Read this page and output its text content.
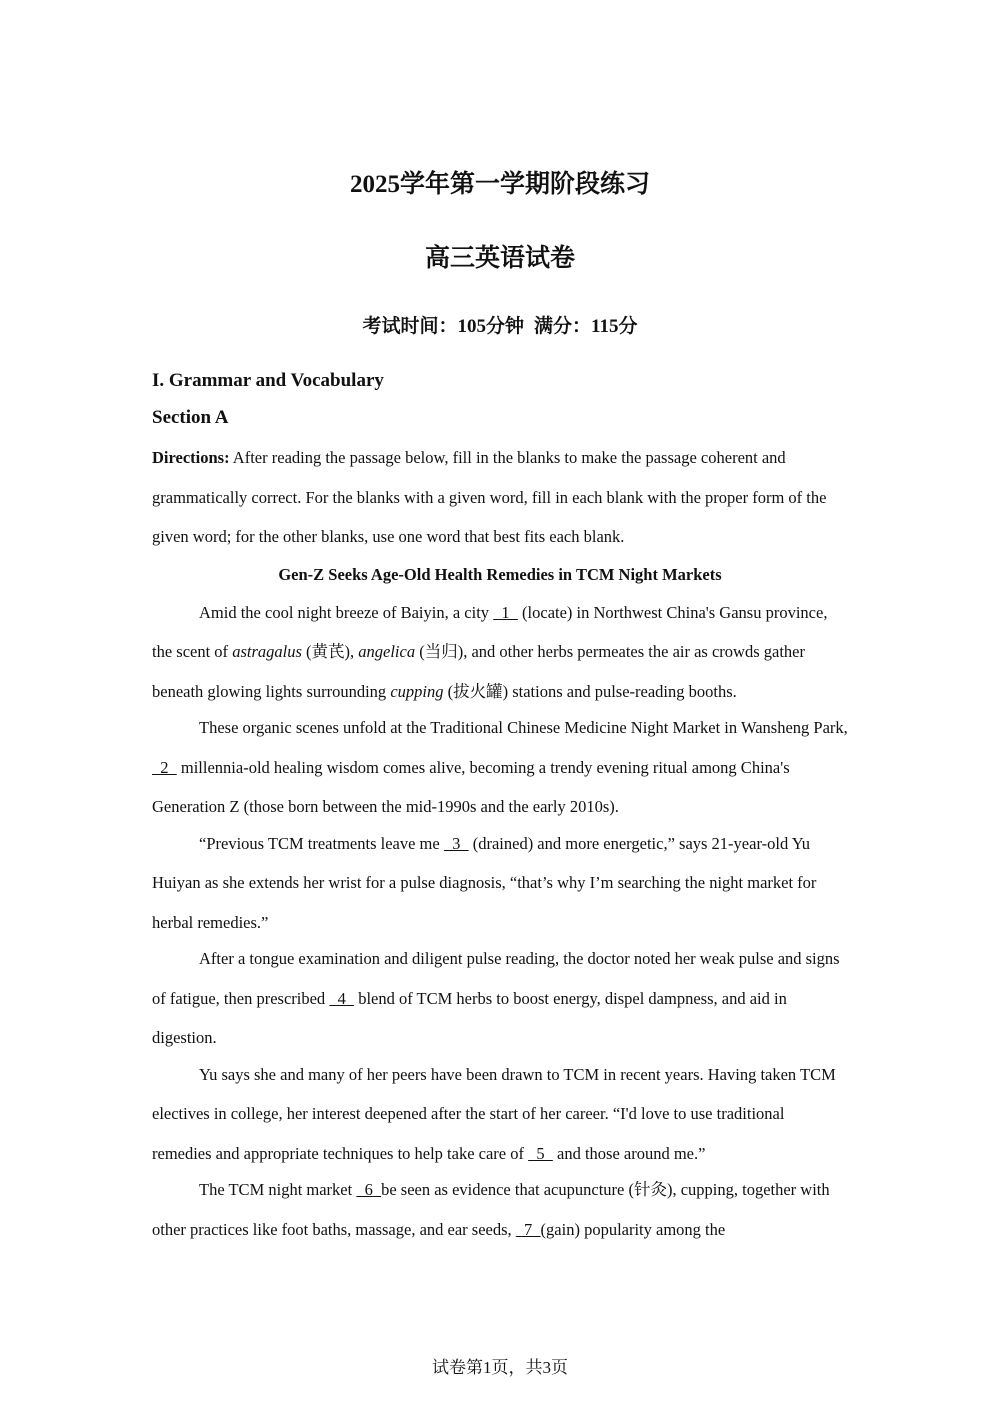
2025学年第一学期阶段练习
高三英语试卷
考试时间：105分钟 满分：115分
I. Grammar and Vocabulary
Section A

Directions: After reading the passage below, fill in the blanks to make the passage coherent and grammatically correct. For the blanks with a given word, fill in each blank with the proper form of the given word; for the other blanks, use one word that best fits each blank.

Gen-Z Seeks Age-Old Health Remedies in TCM Night Markets

Amid the cool night breeze of Baiyin, a city   1   (locate) in Northwest China's Gansu province, the scent of astragalus (黄芪), angelica (当归), and other herbs permeates the air as crowds gather beneath glowing lights surrounding cupping (拔火罐) stations and pulse-reading booths.

These organic scenes unfold at the Traditional Chinese Medicine Night Market in Wansheng Park,   2   millennia-old healing wisdom comes alive, becoming a trendy evening ritual among China's Generation Z (those born between the mid-1990s and the early 2010s).

“Previous TCM treatments leave me   3   (drained) and more energetic,” says 21-year-old Yu Huiyan as she extends her wrist for a pulse diagnosis, “that’s why I’m searching the night market for herbal remedies.”

After a tongue examination and diligent pulse reading, the doctor noted her weak pulse and signs of fatigue, then prescribed   4   blend of TCM herbs to boost energy, dispel dampness, and aid in digestion.

Yu says she and many of her peers have been drawn to TCM in recent years. Having taken TCM electives in college, her interest deepened after the start of her career. “I'd love to use traditional remedies and appropriate techniques to help take care of   5   and those around me.”

The TCM night market   6  be seen as evidence that acupuncture (针灸), cupping, together with other practices like foot baths, massage, and ear seeds,   7  (gain) popularity among the

试卷第1页，共3页
